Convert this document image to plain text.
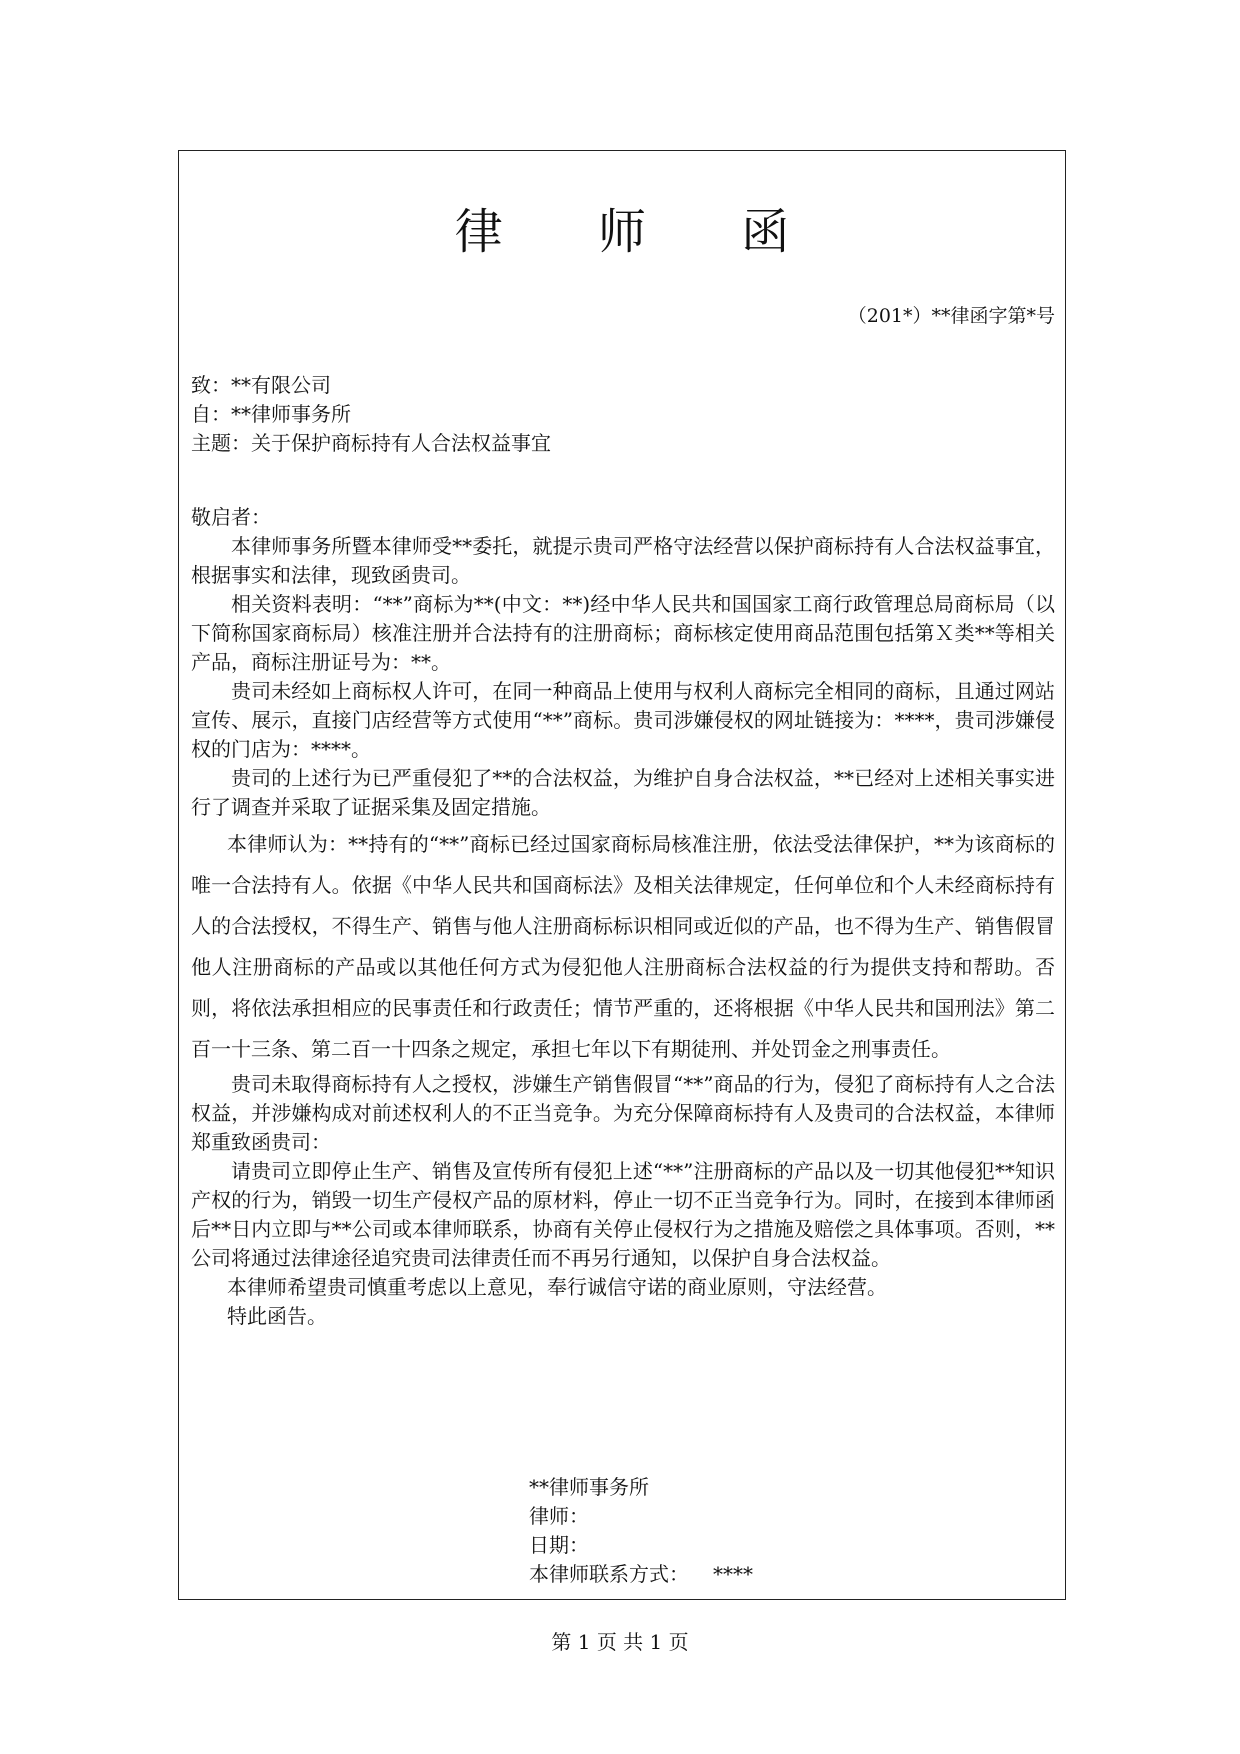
律 师 函
（201*）**律函字第*号
致：**有限公司
自：**律师事务所
主题：关于保护商标持有人合法权益事宜

敬启者：

本律师事务所暨本律师受**委托，就提示贵司严格守法经营以保护商标持有人合法权益事宜，根据事实和法律，现致函贵司。

相关资料表明：“**”商标为**(中文：**)经中华人民共和国国家工商行政管理总局商标局（以下简称国家商标局）核准注册并合法持有的注册商标；商标核定使用商品范围包括第Ｘ类**等相关产品，商标注册证号为：**。

贵司未经如上商标权人许可，在同一种商品上使用与权利人商标完全相同的商标，且通过网站宣传、展示，直接门店经营等方式使用“**”商标。贵司涉嫌侵权的网址链接为：****，贵司涉嫌侵权的门店为：****。

贵司的上述行为已严重侵犯了**的合法权益，为维护自身合法权益，**已经对上述相关事实进行了调查并采取了证据采集及固定措施。

本律师认为：**持有的“**”商标已经过国家商标局核准注册，依法受法律保护，**为该商标的唯一合法持有人。依据《中华人民共和国商标法》及相关法律规定，任何单位和个人未经商标持有人的合法授权，不得生产、销售与他人注册商标标识相同或近似的产品，也不得为生产、销售假冒他人注册商标的产品或以其他任何方式为侵犯他人注册商标合法权益的行为提供支持和帮助。否则，将依法承担相应的民事责任和行政责任；情节严重的，还将根据《中华人民共和国刑法》第二百一十三条、第二百一十四条之规定，承担七年以下有期徒刑、并处罚金之刑事责任。

贵司未取得商标持有人之授权，涉嫌生产销售假冒“**”商品的行为，侵犯了商标持有人之合法权益，并涉嫌构成对前述权利人的不正当竞争。为充分保障商标持有人及贵司的合法权益，本律师郑重致函贵司：

请贵司立即停止生产、销售及宣传所有侵犯上述“**”注册商标的产品以及一切其他侵犯**知识产权的行为，销毁一切生产侵权产品的原材料，停止一切不正当竞争行为。同时，在接到本律师函后**日内立即与**公司或本律师联系，协商有关停止侵权行为之措施及赔偿之具体事项。否则，**公司将通过法律途径追究贵司法律责任而不再另行通知，以保护自身合法权益。

本律师希望贵司慎重考虑以上意见，奉行诚信守诺的商业原则，守法经营。

特此函告。

**律师事务所
律师：
日期：
本律师联系方式： ****
第 1 页 共 1 页
